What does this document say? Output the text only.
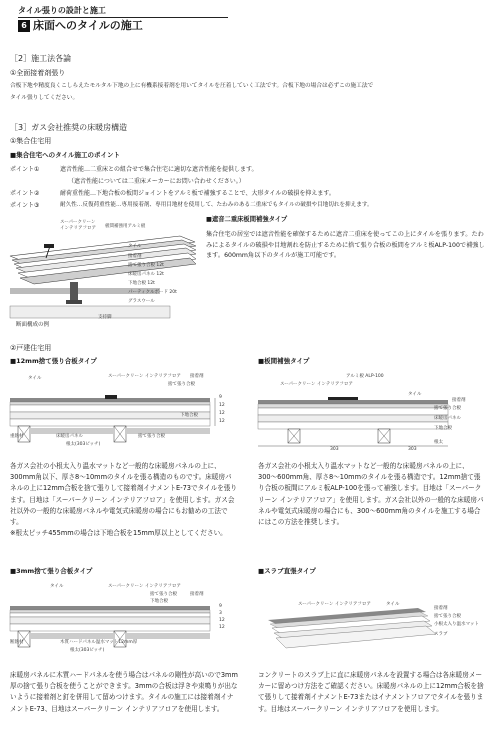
タイル張りの設計と施工
6 床面へのタイルの施工
［2］施工法各論
①全面接着剤張り
合板下地や精度良くこしらえたモルタル下地の上に有機系接着剤を用いてタイルを圧着していく工法です。合板下地の場合は必ずこの施工法で
タイル張りしてください。
［3］ガス会社推奨の床暖房構造
①集合住宅用
■集合住宅へのタイル施工のポイント
ポイント①	遮音性能…二重床との組合せで集合住宅に適切な遮音性能を提供します。
（遮音性能については二重床メーカーにお問い合わせください。）
ポイント②	耐荷重性能…下地合板の板間ジョイントをアルミ板で補強することで、大形タイルの破損を抑えます。
ポイント③	耐久性…反復荷重性能…専用接着剤、専用目地材を使用して、たわみのある二重床でもタイルの破損や目地切れを抑えます。
スーパークリーン
インテリアフロア 板間補強用アルミ板
タイル
接着剤
捨て張り合板 12t
床暖房パネル 12t
下地合板 12t
パーティクルボード 20t
グラスウール
支持脚
断面構成の例
■遮音二重床板間補強タイプ
集合住宅の居室では遮音性能を確保するために遮音二重床を使ってこの上にタイルを張ります。たわみによるタイルの破損や目地割れを防止するために捨て張り合板の板間をアルミ板ALP-100で補強します。600mm角以下のタイルが施工可能です。
②戸建住宅用
■12mm捨て張り合板タイプ
タイル	スーパークリーン インテリアフロア 接着剤
捨て張り合板
下地合板
重熱材	床暖房パネル	捨て張り合板
根太(303ピッチ)
9
12
12
12
各ガス会社の小根太入り温水マットなど一般的な床暖房パネルの上に、300mm角以下、厚さ8〜10mmのタイルを張る構造のものです。床暖房パネルの上に12mm合板を捨て張りして接着剤イナメントE-73でタイルを張ります。目地は「スーパークリーン インテリアフロア」を使用します。ガス会社以外の一般的な床暖房パネルや電気式床暖房の場合にもお勧めの工法です。
※根太ピッチ455mmの場合は下地合板を15mm厚以上としてください。
■板間補強タイプ
アルミ板 ALP-100
スーパークリーン インテリアフロア
タイル
接着剤
捨て張り合板
床暖房パネル
下地合板
根太
303	303
各ガス会社の小根太入り温水マットなど一般的な床暖房パネルの上に、300〜600mm角、厚さ8〜10mmのタイルを張る構造です。12mm捨て張り合板の板間にアルミ板ALP-100を張って補強します。目地は「スーパークリーン インテリアフロア」を使用します。ガス会社以外の一般的な床暖房パネルや電気式床暖房の場合にも、300〜600mm角のタイルを施工する場合にはこの方法を推奨します。
■3mm捨て張り合板タイプ
タイル	スーパークリーン インテリアフロア
捨て張り合板
下地合板
接着剤
断熱材	木質ハードパネル温水マット12mm厚
根太(303ピッチ)
9
3
12
12
床暖房パネルに木質ハードパネルを使う場合はパネルの剛性が高いので3mm厚の捨て張り合板を使うことができます。3mmの合板は浮きや束鳴りが出ないように接着剤と釘を併用して留めつけます。タイルの施工には接着剤イナメントE-73、目地はスーパークリーン インテリアフロアを使用します。
■スラブ直張タイプ
スーパークリーン インテリアフロア	タイル
接着剤
捨て張り合板
小根太入り温水マット
スラブ
コンクリートのスラブ上に直に床暖房パネルを設置する場合は各床暖房メーカーに留めつけ方法をご確認ください。床暖房パネルの上に12mm合板を捨て張りして接着剤イナメントE-73またはイナメントフロアでタイルを張ります。目地はスーパークリーン インテリアフロアを使用します。
